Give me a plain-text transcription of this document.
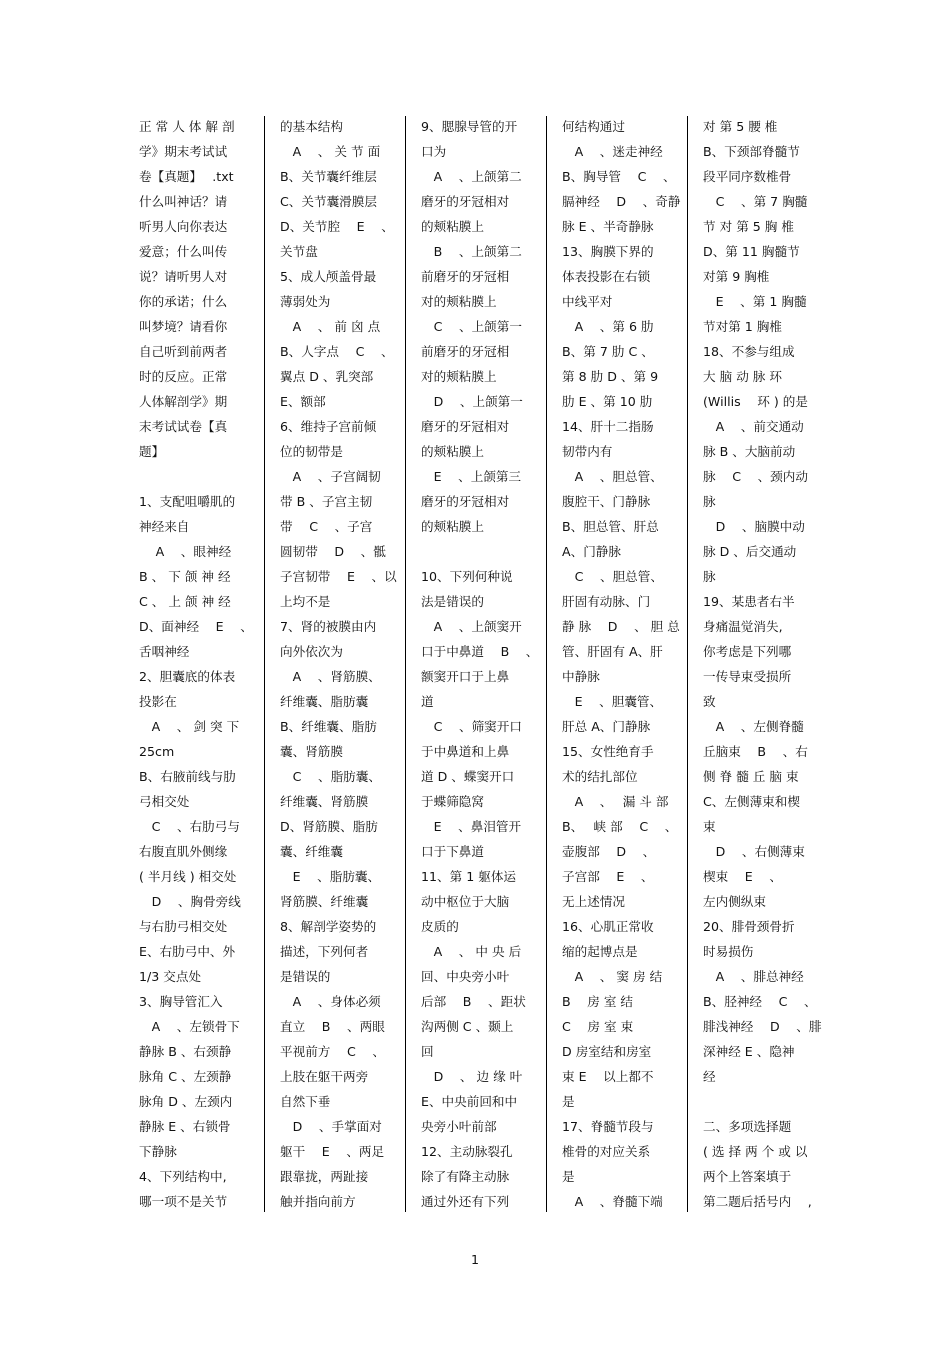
正 常 人 体 解 剖
学》期末考试试
卷【真题】　 .txt
什么叫神话？请
听男人向你表达
爱意；什么叫传
说？请听男人对
你的承诺；什么
叫梦境？请看你
自己听到前两者
时的反应。正常
人体解剖学》期
末考试试卷【真
题】
1、支配咀嚼肌的
神经来自
　 A　 、眼神经
B 、 下 颌 神 经
C 、 上 颌 神 经
D、面神经　 E　 、
舌咽神经
2、胆囊底的体表
投影在
　A　 、 剑 突 下
25cm
B、右腋前线与肋
弓相交处
　C　 、右肋弓与
右腹直肌外侧缘
( 半月线 ) 相交处
　D　 、胸骨旁线
与右肋弓相交处
E、右肋弓中、外
1/3 交点处
3、胸导管汇入
　A　 、左锁骨下
静脉 B 、右颈静
脉角 C 、左颈静
脉角 D 、左颈内
静脉 E 、右锁骨
下静脉
4、下列结构中,
哪一项不是关节
的基本结构
　A　 、 关 节 面
B、关节囊纤维层
C、关节囊滑膜层
D、关节腔　 E　 、
关节盘
5、成人颅盖骨最
薄弱处为
　A　 、 前 囟 点
B、人字点　 C　 、
翼点 D 、乳突部
E、额部
6、维持子宫前倾
位的韧带是
　A　 、子宫阔韧
带 B 、子宫主韧
带　 C　 、子宫
圆韧带　 D　 、骶
子宫韧带　 E　 、以
上均不是
7、肾的被膜由内
向外依次为
　A　 、肾筋膜、
纤维囊、脂肪囊
B、纤维囊、脂肪
囊、肾筋膜
　C　 、脂肪囊、
纤维囊、肾筋膜
D、肾筋膜、脂肪
囊、纤维囊
　E　 、脂肪囊、
肾筋膜、纤维囊
8、解剖学姿势的
描述，下列何者
是错误的
　A　 、身体必须
直立　 B　 、两眼
平视前方　 C　 、
上肢在躯干两旁
自然下垂
　D　 、手掌面对
躯干　 E　 、两足
跟靠拢，两趾接
触并指向前方
9、腮腺导管的开
口为
　A　 、上颌第二
磨牙的牙冠相对
的颊粘膜上
　B　 、上颌第二
前磨牙的牙冠相
对的颊粘膜上
　C　 、上颌第一
前磨牙的牙冠相
对的颊粘膜上
　D　 、上颌第一
磨牙的牙冠相对
的颊粘膜上
　E　 、上颌第三
磨牙的牙冠相对
的颊粘膜上
10、下列何种说
法是错误的
　A　 、上颌窦开
口于中鼻道　 B　 、
额窦开口于上鼻
道
　C　 、筛窦开口
于中鼻道和上鼻
道 D 、蝶窦开口
于蝶筛隐窝
　E　 、鼻泪管开
口于下鼻道
11、第 1 躯体运
动中枢位于大脑
皮质的
　A　 、 中 央 后
回、中央旁小叶
后部　 B　 、距状
沟两侧 C 、颞上
回
　D　 、 边 缘 叶
E、中央前回和中
央旁小叶前部
12、主动脉裂孔
除了有降主动脉
通过外还有下列
何结构通过
　A　 、迷走神经
B、胸导管　 C　 、
膈神经　 D　 、奇静
脉 E 、半奇静脉
13、胸膜下界的
体表投影在右锁
中线平对
　A　 、第 6 肋
B、第 7 肋 C 、
第 8 肋 D 、第 9
肋 E 、第 10 肋
14、肝十二指肠
韧带内有
　A　 、胆总管、
腹腔干、门静脉
B、胆总管、肝总
A、门静脉
　C　 、胆总管、
肝固有动脉、门
静 脉　 D　 、 胆 总
管、肝固有 A、肝
中静脉
　E　 、胆囊管、
肝总 A、门静脉
15、女性绝育手
术的结扎部位
　A　 、　 漏 斗 部
B、　 峡 部　 C　 、
壶腹部　 D　 、
子宫部　 E　 、
无上述情况
16、心肌正常收
缩的起博点是
　A　 、 窦 房 结
B　 房 室 结
C　 房 室 束
D 房室结和房室
束 E　 以上都不
是
17、脊髓节段与
椎骨的对应关系
是
　A　 、脊髓下端
对 第 5 腰 椎
B、下颈部脊髓节
段平同序数椎骨
　C　 、第 7 胸髓
节 对 第 5 胸 椎
D、第 11 胸髓节
对第 9 胸椎
　E　 、第 1 胸髓
节对第 1 胸椎
18、不参与组成
大 脑 动 脉 环
(Willis　 环 ) 的是
　A　 、前交通动
脉 B 、大脑前动
脉　 C　 、颈内动
脉
　D　 、脑膜中动
脉 D 、后交通动
脉
19、某患者右半
身痛温觉消失,
你考虑是下列哪
一传导束受损所
致
　A　 、左侧脊髓
丘脑束　 B　 、右
侧 脊 髓 丘 脑 束
C、左侧薄束和楔
束
　D　 、右侧薄束
楔束　 E　 、
左内侧纵束
20、腓骨颈骨折
时易损伤
　A　 、腓总神经
B、胫神经　 C　 、
腓浅神经　 D　 、腓
深神经 E 、隐神
经
二、多项选择题
( 选 择 两 个 或 以
两个上答案填于
第二题后括号内　 ,
1
